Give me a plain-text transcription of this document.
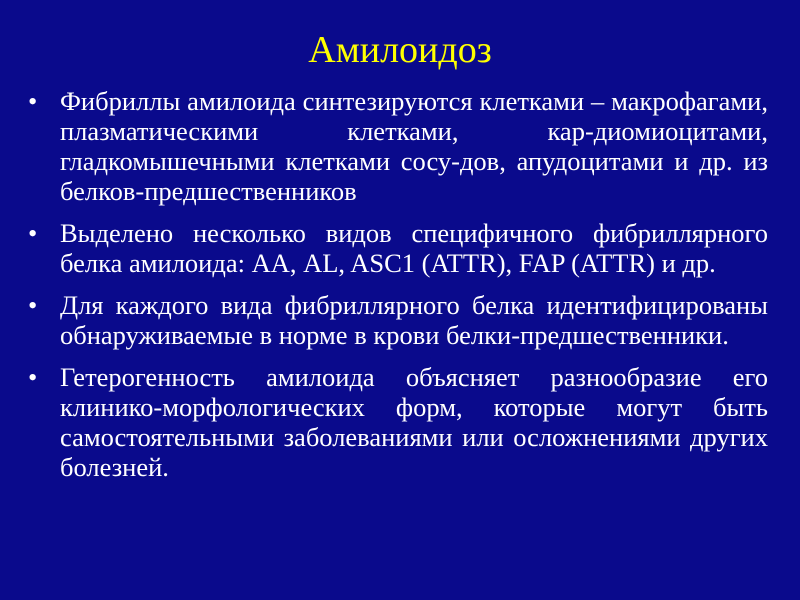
Амилоидоз
• Фибриллы амилоида синтезируются клетками – макрофагами, плазматическими клетками, кар-диомиоцитами, гладкомышечными клетками сосу-дов, апудоцитами и др. из белков-предшественников
• Выделено несколько видов специфичного фибриллярного белка амилоида: АА, AL, ASC1 (ATTR), FAP (ATTR) и др.
• Для каждого вида фибриллярного белка идентифицированы обнаруживаемые в норме в крови белки-предшественники.
• Гетерогенность амилоида объясняет разнообразие его клинико-морфологических форм, которые могут быть самостоятельными заболеваниями или осложнениями других болезней.
